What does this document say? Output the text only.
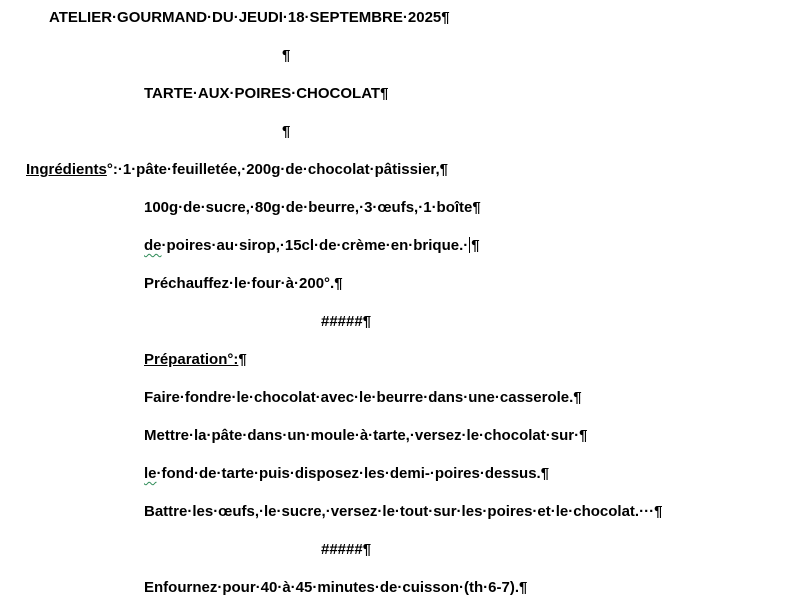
ATELIER·GOURMAND·DU·JEUDI·18·SEPTEMBRE·2025¶
¶
TARTE·AUX·POIRES·CHOCOLAT¶
¶
Ingrédients°:·1·pâte·feuilletée,·200g·de·chocolat·pâtissier,¶
100g·de·sucre,·80g·de·beurre,·3·œufs,·1·boîte¶
de·poires·au·sirop,·15cl·de·crème·en·brique.· ¶
Préchauffez·le·four·à·200°.¶
#####¶
Préparation°:¶
Faire·fondre·le·chocolat·avec·le·beurre·dans·une·casserole.¶
Mettre·la·pâte·dans·un·moule·à·tarte,·versez·le·chocolat·sur·¶
le·fond·de·tarte·puis·disposez·les·demi-·poires·dessus.¶
Battre·les·œufs,·le·sucre,·versez·le·tout·sur·les·poires·et·le·chocolat.···¶
#####¶
Enfournez·pour·40·à·45·minutes·de·cuisson·(th·6-7).¶
